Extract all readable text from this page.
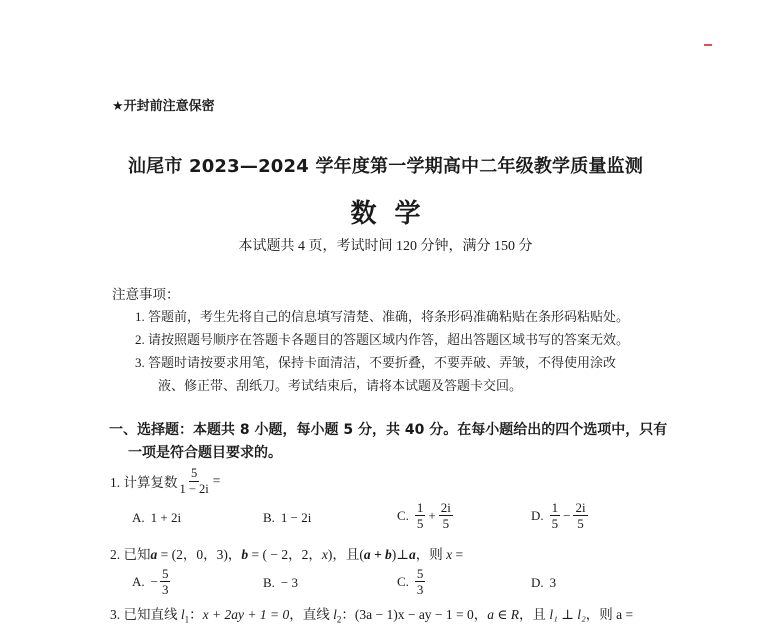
★开封前注意保密
汕尾市 2023—2024 学年度第一学期高中二年级教学质量监测
数  学
本试题共 4 页，考试时间 120 分钟，满分 150 分
注意事项：
1. 答题前，考生先将自己的信息填写清楚、准确，将条形码准确粘贴在条形码粘贴处。
2. 请按照题号顺序在答题卡各题目的答题区域内作答，超出答题区域书写的答案无效。
3. 答题时请按要求用笔，保持卡面清洁，不要折叠，不要弄破、弄皱，不得使用涂改
液、修正带、刮纸刀。考试结束后，请将本试题及答题卡交回。
一、选择题：本题共 8 小题，每小题 5 分，共 40 分。在每小题给出的四个选项中，只有
一项是符合题目要求的。
1. 计算复数 $\frac{5}{1 - 2i}$ =
A. 1 + 2i	B. 1 − 2i	C. $\frac{1}{5} + \frac{2i}{5}$	D. $\frac{1}{5} - \frac{2i}{5}$
2. 已知a = (2，0，3)，b = ( − 2，2，x)，且(a + b)⊥a，则 x =
A. − $\frac{5}{3}$	B. − 3	C. $\frac{5}{3}$	D. 3
3. 已知直线 $l_1$：x + 2ay + 1 = 0，直线 $l_2$：(3a − 1)x − ay − 1 = 0，a ∈ R，且 l₁ ⊥ l₂，则 a =
